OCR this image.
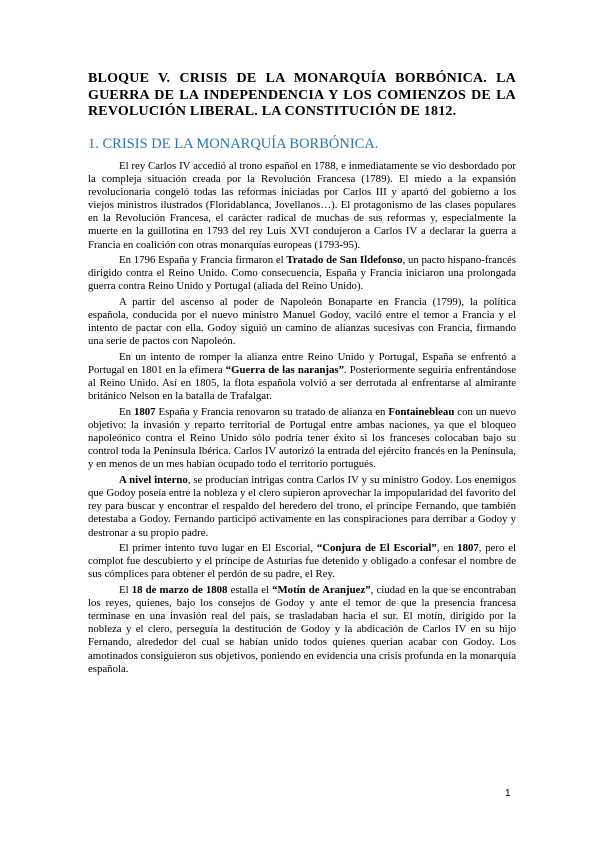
BLOQUE V. CRISIS DE LA MONARQUÍA BORBÓNICA. LA GUERRA DE LA INDEPENDENCIA Y LOS COMIENZOS DE LA REVOLUCIÓN LIBERAL. LA CONSTITUCIÓN DE 1812.
1. CRISIS DE LA MONARQUÍA BORBÓNICA.

El rey Carlos IV accedió al trono español en 1788, e inmediatamente se vio desbordado por la compleja situación creada por la Revolución Francesa (1789). El miedo a la expansión revolucionaria congeló todas las reformas iniciadas por Carlos III y apartó del gobierno a los viejos ministros ilustrados (Floridablanca, Jovellanos…). El protagonismo de las clases populares en la Revolución Francesa, el carácter radical de muchas de sus reformas y, especialmente la muerte en la guillotina en 1793 del rey Luis XVI condujeron a Carlos IV a declarar la guerra a Francia en coalición con otras monarquías europeas (1793-95).

En 1796 España y Francia firmaron el Tratado de San Ildefonso, un pacto hispano-francés dirigido contra el Reino Unido. Como consecuencia, España y Francia iniciaron una prolongada guerra contra Reino Unido y Portugal (aliada del Reino Unido).

A partir del ascenso al poder de Napoleón Bonaparte en Francia (1799), la política española, conducida por el nuevo ministro Manuel Godoy, vaciló entre el temor a Francia y el intento de pactar con ella. Godoy siguió un camino de alianzas sucesivas con Francia, firmando una serie de pactos con Napoleón.

En un intento de romper la alianza entre Reino Unido y Portugal, España se enfrentó a Portugal en 1801 en la efímera “Guerra de las naranjas”. Posteriormente seguiría enfrentándose al Reino Unido. Así en 1805, la flota española volvió a ser derrotada al enfrentarse al almirante británico Nelson en la batalla de Trafalgar.

En 1807 España y Francia renovaron su tratado de alianza en Fontainebleau con un nuevo objetivo: la invasión y reparto territorial de Portugal entre ambas naciones, ya que el bloqueo napoleónico contra el Reino Unido sólo podría tener éxito si los franceses colocaban bajo su control toda la Península Ibérica. Carlos IV autorizó la entrada del ejército francés en la Península, y en menos de un mes habían ocupado todo el territorio portugués.

A nivel interno, se producían intrigas contra Carlos IV y su ministro Godoy. Los enemigos que Godoy poseía entre la nobleza y el clero supieron aprovechar la impopularidad del favorito del rey para buscar y encontrar el respaldo del heredero del trono, el príncipe Fernando, que también detestaba a Godoy. Fernando participó activamente en las conspiraciones para derribar a Godoy y destronar a su propio padre.

El primer intento tuvo lugar en El Escorial, “Conjura de El Escorial”, en 1807, pero el complot fue descubierto y el príncipe de Asturias fue detenido y obligado a confesar el nombre de sus cómplices para obtener el perdón de su padre, el Rey.

El 18 de marzo de 1808 estalla el “Motín de Aranjuez”, ciudad en la que se encontraban los reyes, quienes, bajo los consejos de Godoy y ante el temor de que la presencia francesa terminase en una invasión real del país, se trasladaban hacia el sur. El motín, dirigido por la nobleza y el clero, perseguía la destitución de Godoy y la abdicación de Carlos IV en su hijo Fernando, alrededor del cual se habían unido todos quienes querían acabar con Godoy. Los amotinados consiguieron sus objetivos, poniendo en evidencia una crisis profunda en la monarquía española.

1
